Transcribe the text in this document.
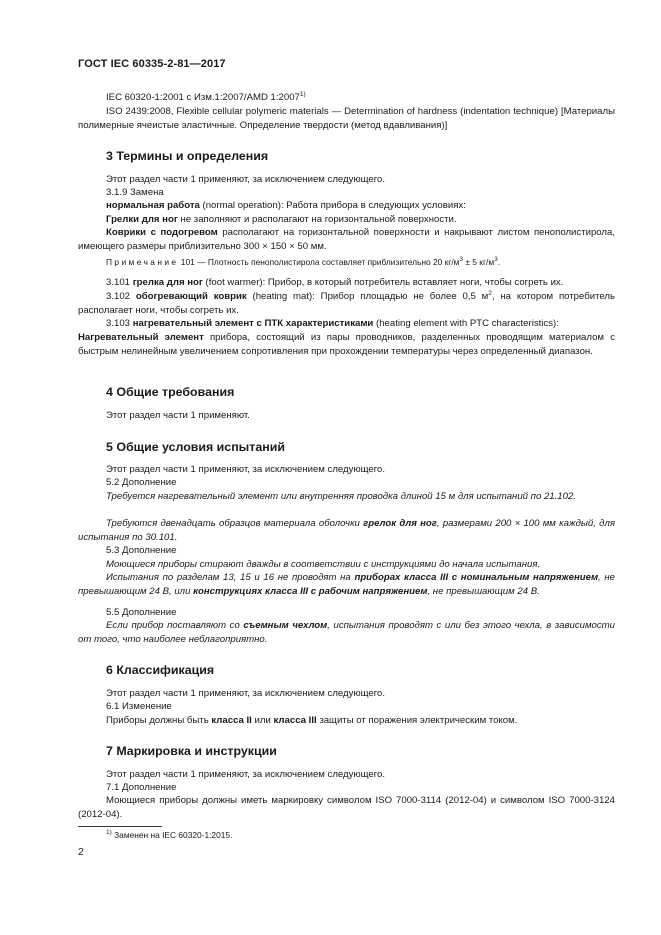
ГОСТ IEC 60335-2-81—2017
IEC 60320-1:2001 с Изм.1:2007/AMD 1:2007$^{1)}$
ISO 2439:2008, Flexible cellular polymeric materials — Determination of hardness (indentation technique) [Материалы полимерные ячеистые эластичные. Определение твердости (метод вдавливания)]
3 Термины и определения
Этот раздел части 1 применяют, за исключением следующего.
3.1.9 Замена
нормальная работа (normal operation): Работа прибора в следующих условиях:
Грелки для ног не заполняют и располагают на горизонтальной поверхности.
Коврики с подогревом располагают на горизонтальной поверхности и накрывают листом пенополистирола, имеющего размеры приблизительно 300 × 150 × 50 мм.
Примечание 101 — Плотность пенополистирола составляет приблизительно 20 $кг/м^3 \pm 5$ $кг/м^3$.
3.101 грелка для ног (foot warmer): Прибор, в который потребитель вставляет ноги, чтобы согреть их.
3.102 обогревающий коврик (heating mat): Прибор площадью не более 0,5 $м^2$, на котором потребитель располагает ноги, чтобы согреть их.
3.103 нагревательный элемент с ПТК характеристиками (heating element with PTC characteristics):
Нагревательный элемент прибора, состоящий из пары проводников, разделенных проводящим материалом с быстрым нелинейным увеличением сопротивления при прохождении температуры через определенный диапазон.
4 Общие требования
Этот раздел части 1 применяют.
5 Общие условия испытаний
Этот раздел части 1 применяют, за исключением следующего.
5.2 Дополнение
Требуется нагревательный элемент или внутренняя проводка длиной 15 м для испытаний по 21.102.
Требуются двенадцать образцов материала оболочки грелок для ног, размерами 200 × 100 мм каждый, для испытания по 30.101.
5.3 Дополнение
Моющиеся приборы стирают дважды в соответствии с инструкциями до начала испытания.
Испытания по разделам 13, 15 и 16 не проводят на приборах класса III с номинальным напряжением, не превышающим 24 В, или конструкциях класса III с рабочим напряжением, не превышающим 24 В.
5.5 Дополнение
Если прибор поставляют со съемным чехлом, испытания проводят с или без этого чехла, в зависимости от того, что наиболее неблагоприятно.
6 Классификация
Этот раздел части 1 применяют, за исключением следующего.
6.1 Изменение
Приборы должны быть класса II или класса III защиты от поражения электрическим током.
7 Маркировка и инструкции
Этот раздел части 1 применяют, за исключением следующего.
7.1 Дополнение
Моющиеся приборы должны иметь маркировку символом ISO 7000-3114 (2012-04) и символом ISO 7000-3124 (2012-04).
$^{1)}$ Заменен на IEC 60320-1:2015.
2
